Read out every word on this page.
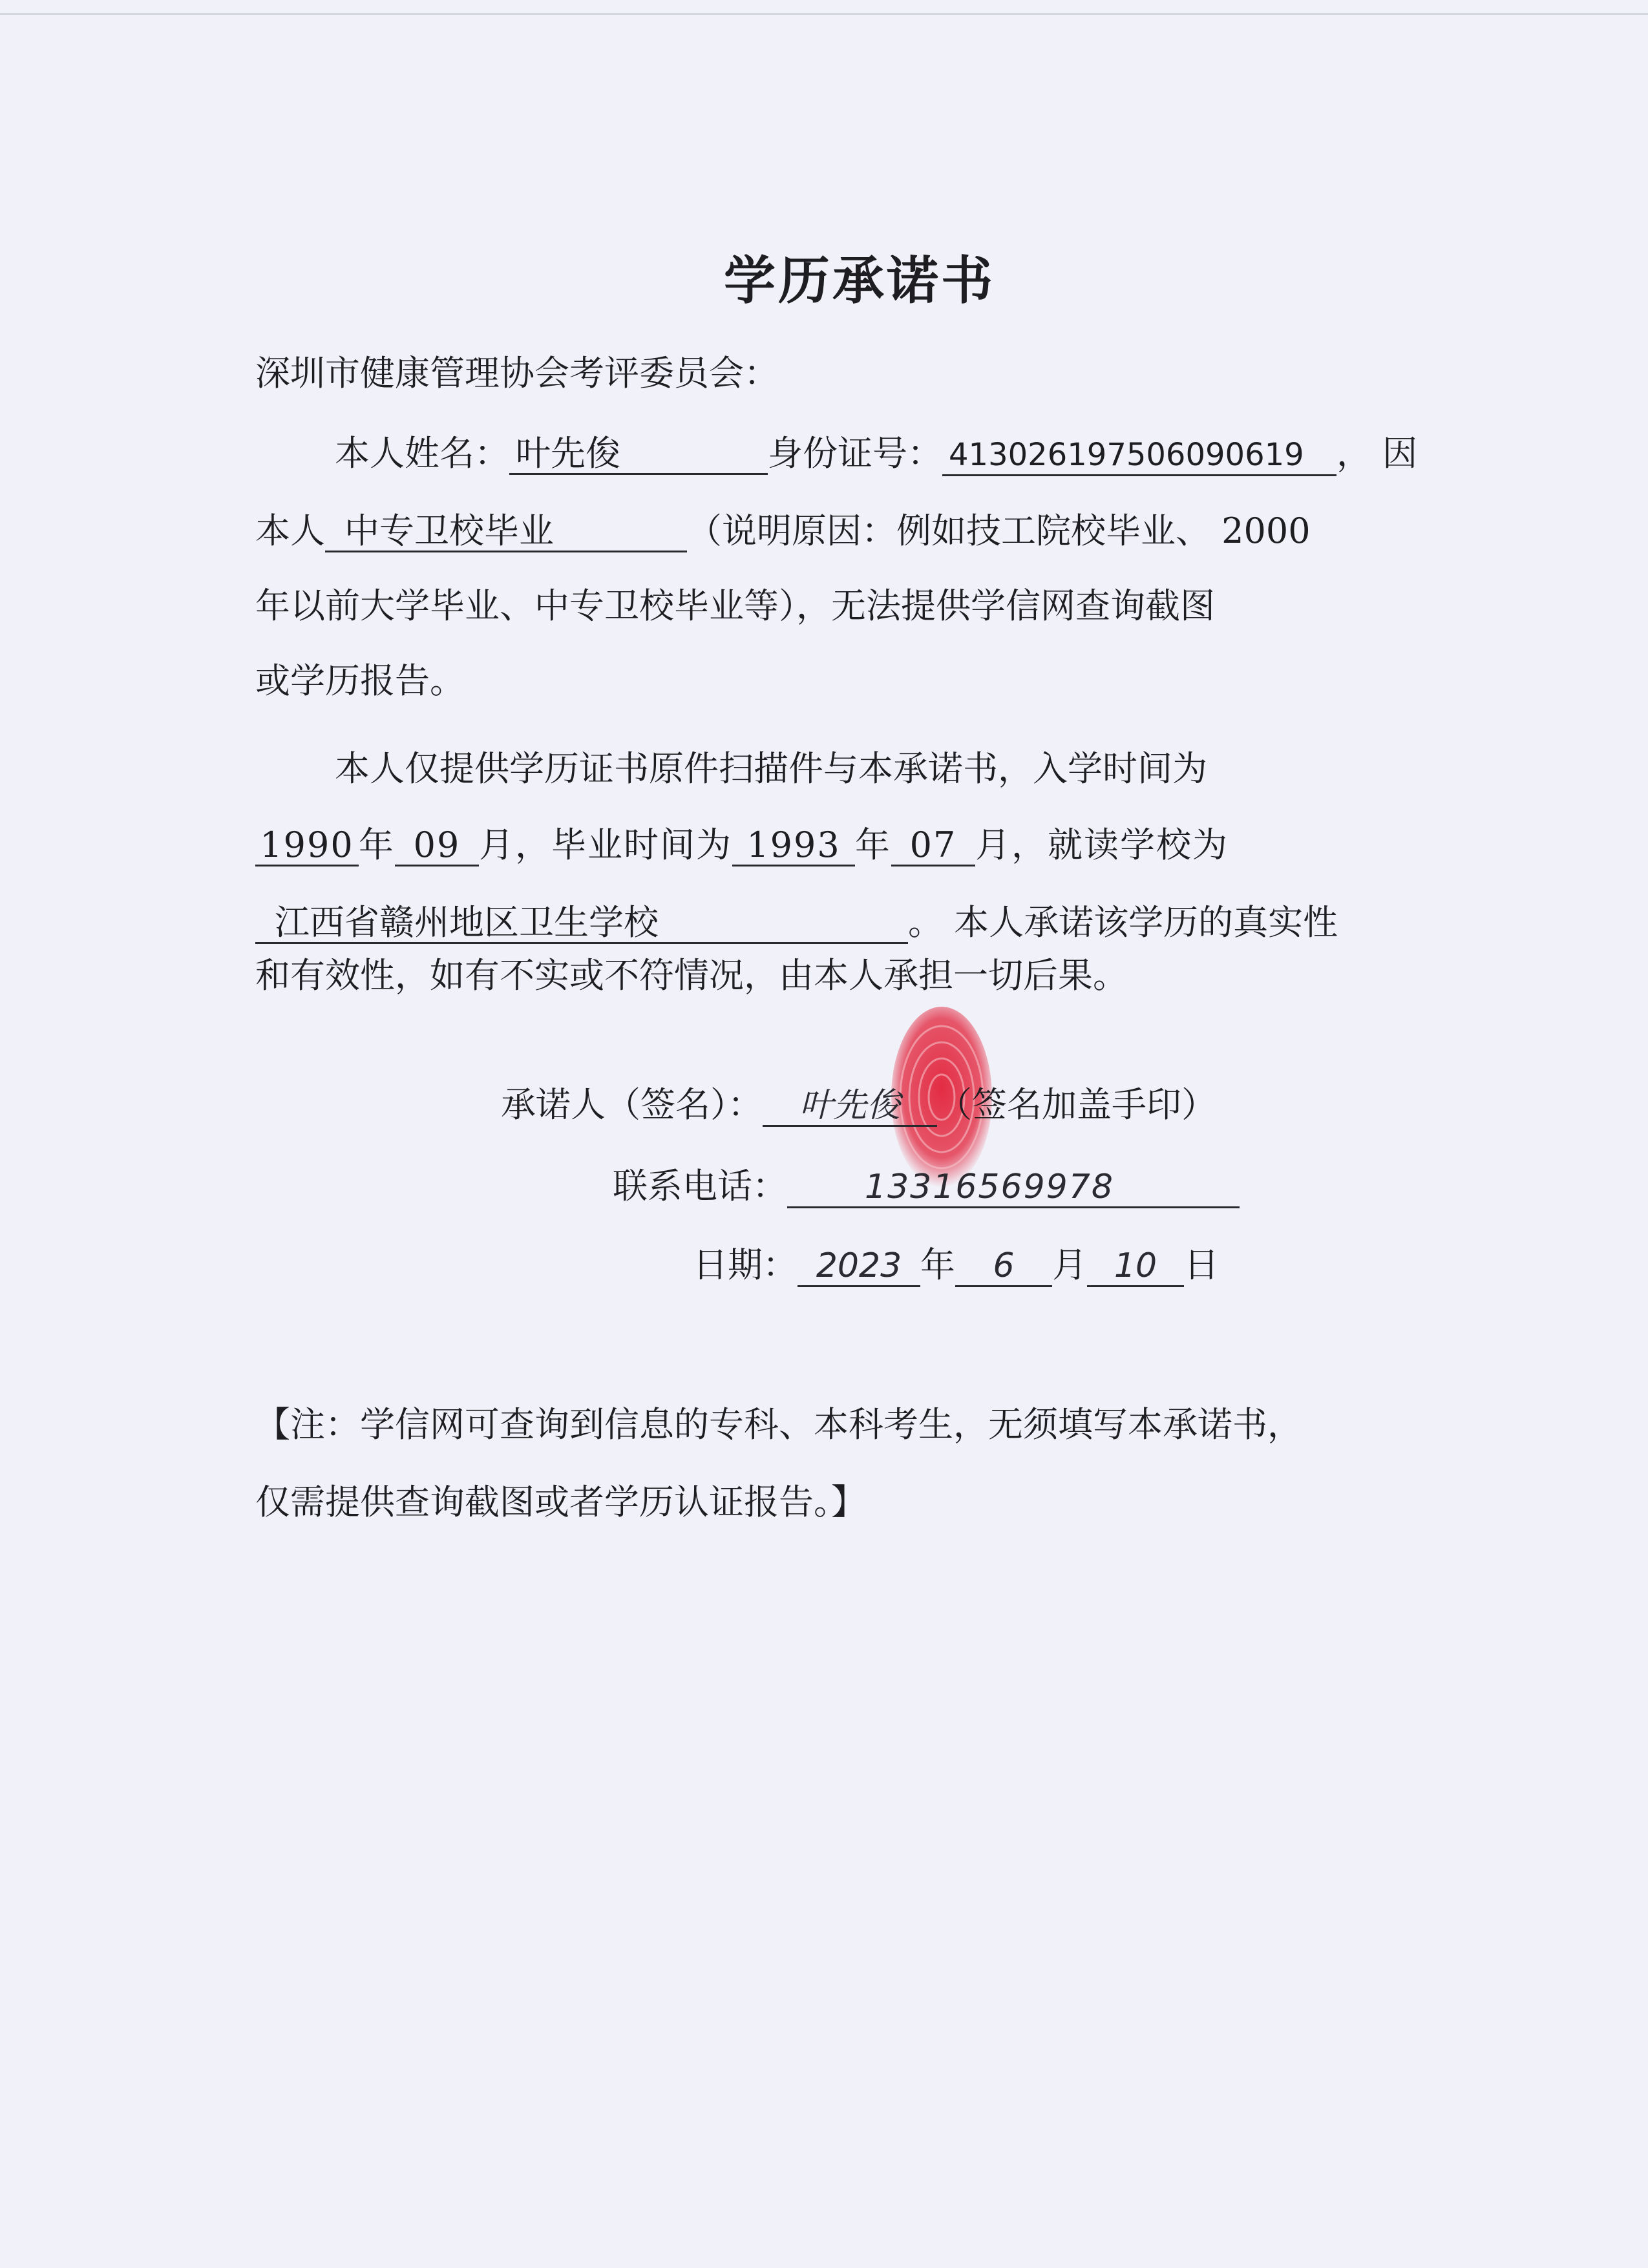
学历承诺书
深圳市健康管理协会考评委员会：
本人姓名： 叶先俊	身份证号： 413026197506090619 ， 因
本人 中专卫校毕业	（说明原因：例如技工院校毕业、 2000
年以前大学毕业、中专卫校毕业等），无法提供学信网查询截图
或学历报告。
本人仅提供学历证书原件扫描件与本承诺书，入学时间为
1990 年 09 月，毕业时间为 1993 年 07 月，就读学校为
江西省赣州地区卫生学校	。 本人承诺该学历的真实性
和有效性，如有不实或不符情况，由本人承担一切后果。
承诺人（签名）： 叶先俊 （签名加盖手印）
联系电话： 13316569978
日期： 2023 年 6 月 10 日
【注：学信网可查询到信息的专科、本科考生，无须填写本承诺书，
仅需提供查询截图或者学历认证报告。】
